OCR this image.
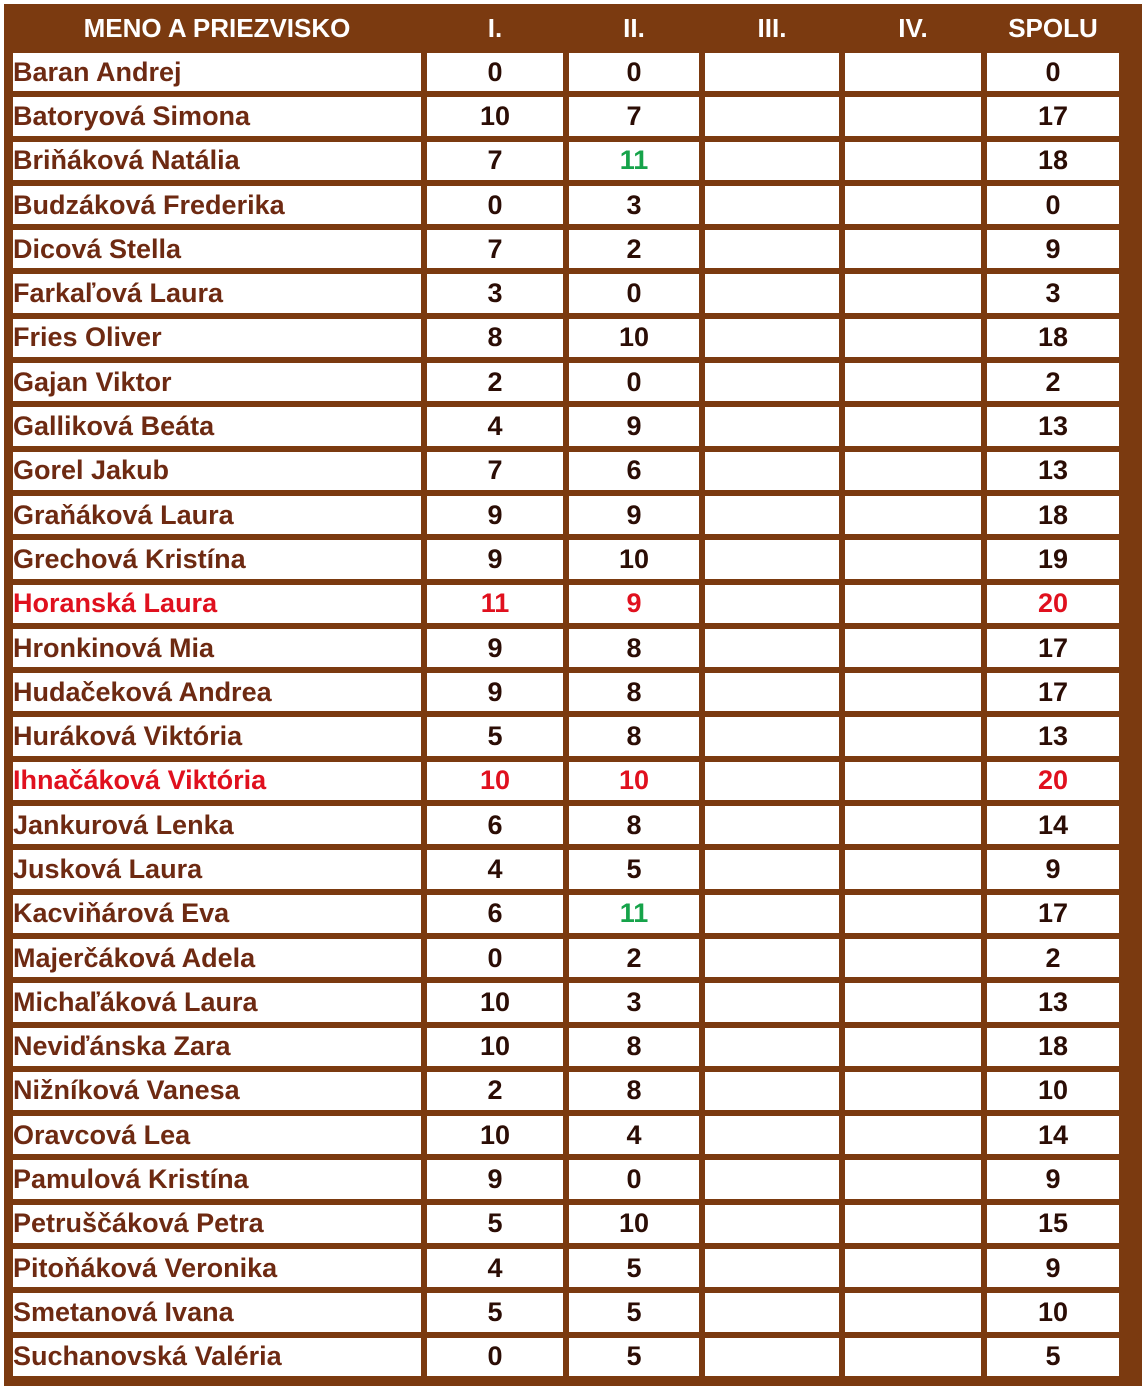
MENO A PRIEZVISKO	I.	II.	III.	IV.	SPOLU
Baran Andrej	0	0			0
Batoryová Simona	10	7			17
Briňáková Natália	7	11			18
Budzáková Frederika	0	3			0
Dicová Stella	7	2			9
Farkaľová Laura	3	0			3
Fries Oliver	8	10			18
Gajan Viktor	2	0			2
Galliková Beáta	4	9			13
Gorel Jakub	7	6			13
Graňáková Laura	9	9			18
Grechová Kristína	9	10			19
Horanská Laura	11	9			20
Hronkinová Mia	9	8			17
Hudačeková Andrea	9	8			17
Huráková Viktória	5	8			13
Ihnačáková Viktória	10	10			20
Jankurová Lenka	6	8			14
Jusková Laura	4	5			9
Kacviňárová Eva	6	11			17
Majerčáková Adela	0	2			2
Michaľáková Laura	10	3			13
Neviďánska Zara	10	8			18
Nižníková Vanesa	2	8			10
Oravcová Lea	10	4			14
Pamulová Kristína	9	0			9
Petruščáková Petra	5	10			15
Pitoňáková Veronika	4	5			9
Smetanová Ivana	5	5			10
Suchanovská Valéria	0	5			5
